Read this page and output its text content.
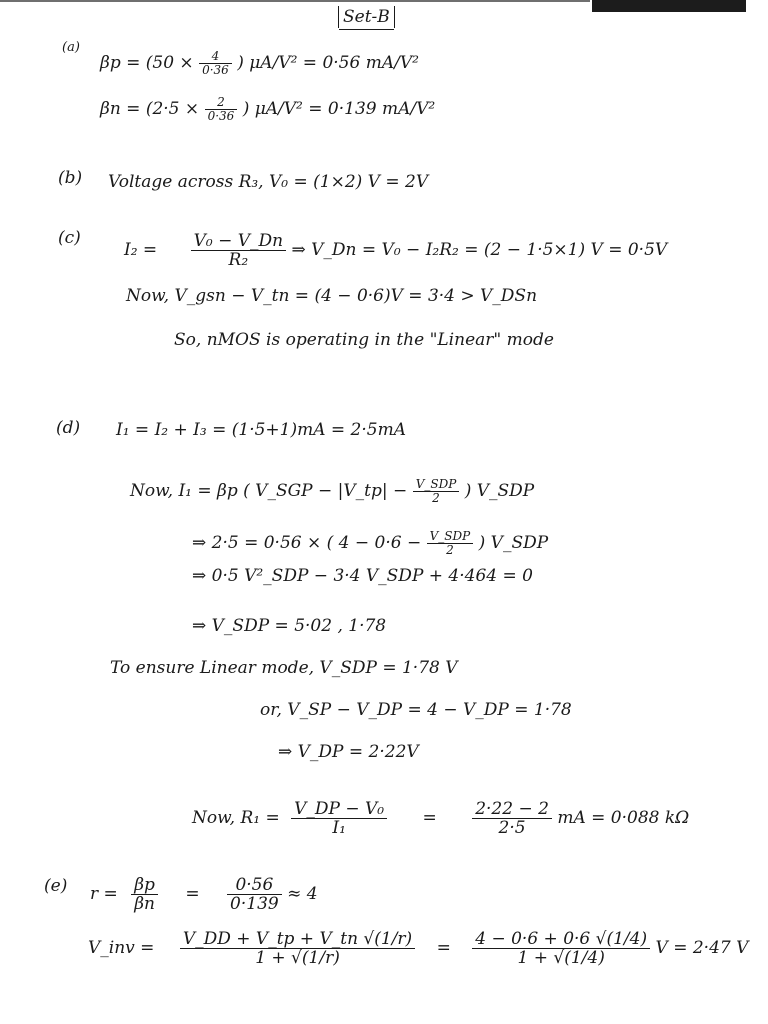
Set-B
(a)
$\beta p = (50 \times \frac{4}{0\cdot 36}$ ) μA/V² = 0·56 mA/V²
$\beta n = (2\cdot 5 \times \frac{2}{0\cdot 36}$ ) μA/V² = 0·139 mA/V²
(b) Voltage across R₃, V₀ = (1×2) V = 2V
(c)
$I_2 = \frac{\text{V₀ − V\_Dn}}{\text{R₂}}$ ⇒ V_Dn = V₀ − I₂R₂ = (2 − 1·5×1) V = 0·5V
Now, V_gsn − V_tn = (4 − 0·6)V = 3·4 > V_DSn
So, nMOS is operating in the "Linear" mode
(d) I₁ = I₂ + I₃ = (1·5+1)mA = 2·5mA
Now, I₁ = βp ( V_SGP − |V_tp| − $\frac{\text{V\_SDP}}{2}$ ) V_SDP
⇒ 2·5 = 0·56 × ( $4 - 0\cdot 6 - \frac{\text{V\_SDP}}{2}$ ) V_SDP
⇒ 0·5 V²_SDP − 3·4 V_SDP + 4·464 = 0
⇒ V_SDP = 5·02 , 1·78
To ensure Linear mode, V_SDP = 1·78 V
or, V_SP − V_DP = 4 − V_DP = 1·78
⇒ V_DP = 2·22V
Now, $R_1 = \frac{\text{V\_DP − V₀}}{\text{I₁}} = \frac{2\cdot 22 - 2}{2\cdot 5}$ mA = 0·088 kΩ
(e) $r = \frac{\beta p}{\beta n} = \frac{0\cdot 56}{0\cdot 139} \approx 4$
V_inv = $\frac{V\_DD + V\_tp + V\_tn √(1/r)}{1 + √(1/r)} = \frac{4 - 0\cdot 6 + 0\cdot 6 √(1/4)}{1 + √(1/4)}$ V = 2·47 V
